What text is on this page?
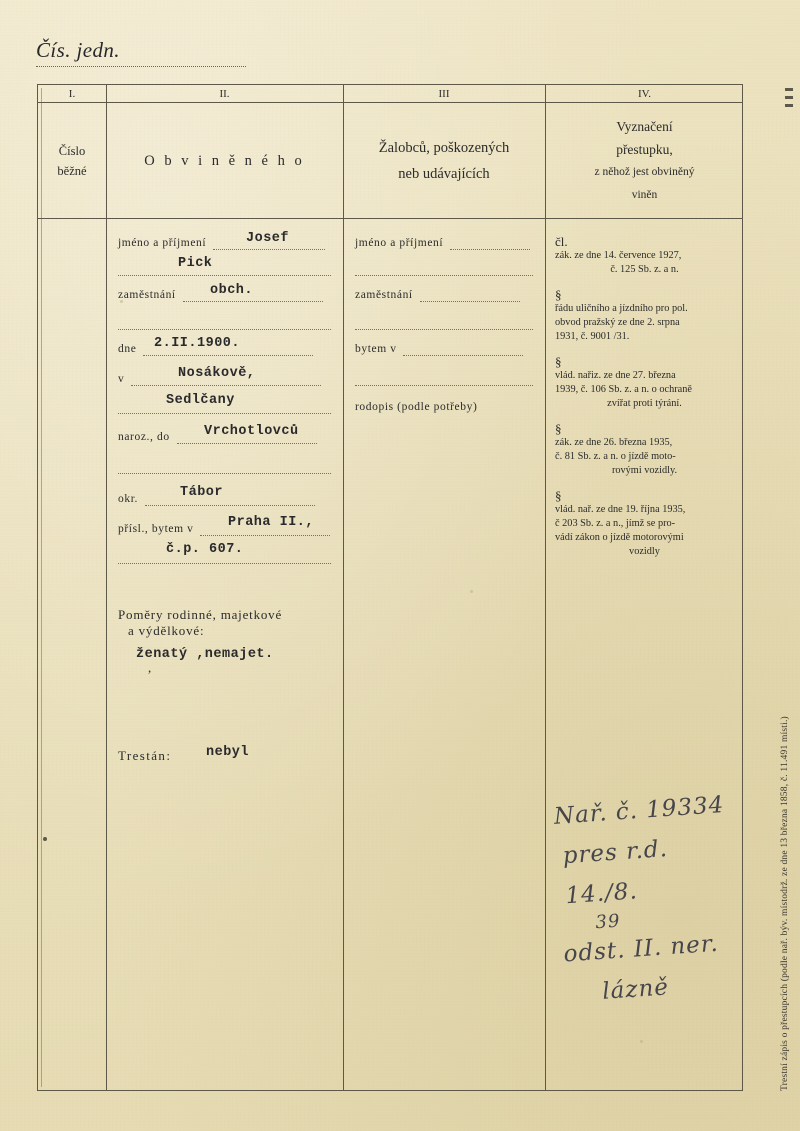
Čís. jedn.
I.	II.	III	IV.
Číslo
běžné
O b v i n ě n é h o
Žalobců, poškozených
neb udávajících
Vyznačení
přestupku,
z něhož jest obviněný
viněn
jméno a příjmení	Josef
Pick
zaměstnání	obch.
dne 2.II.1900.
v	Nosákově,
Sedlčany
naroz., do	Vrchotlovců
okr.	Tábor
přísl., bytem v	Praha II.,
č.p. 607.
Poměry rodinné, majetkové
a výdělkové:
ženatý ,nemajet.
,
Trestán:	nebyl
jméno a příjmení
zaměstnání
bytem v
rodopis (podle potřeby)
čl.
zák. ze dne 14. července 1927,
č. 125 Sb. z. a n.
§
řádu uličního a jízdního pro pol.
obvod pražský ze dne 2. srpna
1931, č. 9001 /31.
§
vlád. nařiz. ze dne 27. března
1939, č. 106 Sb. z. a n. o ochraně
zvířat proti týrání.
§
zák. ze dne 26. března 1935,
č. 81 Sb. z. a n. o jízdě moto-
rovými vozidly.
§
vlád. nař. ze dne 19. října 1935,
č 203 Sb. z. a n., jímž se pro-
vádí zákon o jízdě motorovými
vozidly
Nař. č. 19334
pres r.d. 14./8.
39
odst. II. ner.
lázně	Trestní zápis o přestupcích (podle nař. býv. místodrž. ze dne 13 března 1858, č. 11.491 místi.)
